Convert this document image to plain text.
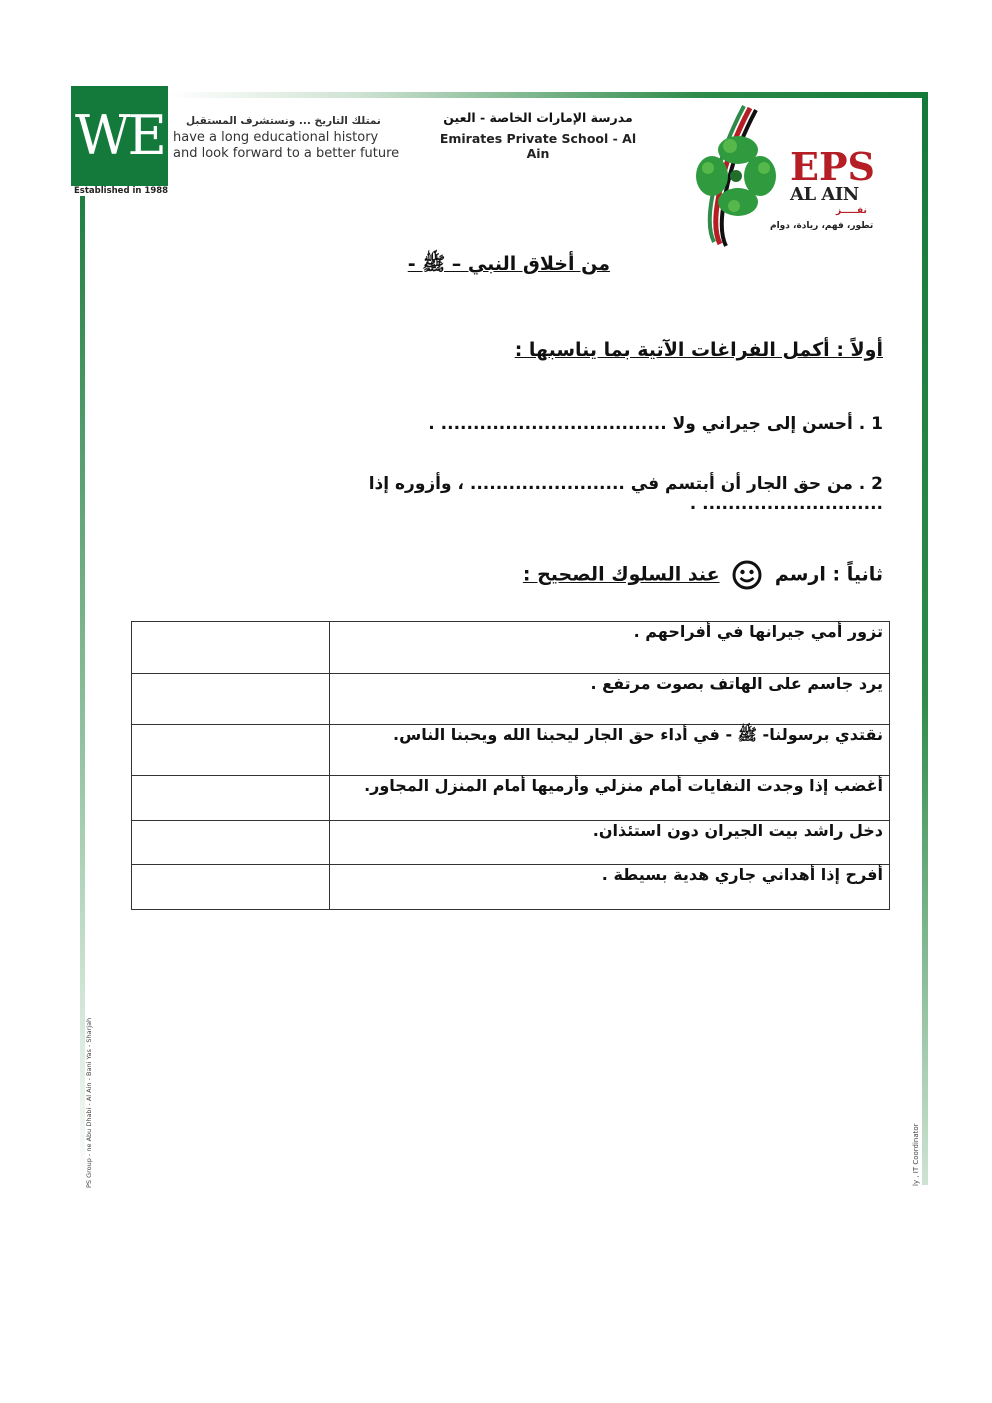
WE
Established in 1988
نمتلك التاريخ ... ونستشرف المستقبل
have a long educational history and look forward to a better future
مدرسة الإمارات الخاصة - العين
Emirates Private School - Al Ain	EPS
AL AIN
نفـــــز
تطور، فهم، ريادة، دوام
من أخلاق النبي – ﷺ -
أولاً : أكمل الفراغات الآتية بما يناسبها :
1 . أحسن إلى جيراني ولا ................................... .
2 . من حق الجار أن أبتسم في ........................ ، وأزوره إذا ............................ .
ثانياً : ارسم  عند السلوك الصحيح :
	تزور أمي جيرانها في أفراحهم .
	يرد جاسم على الهاتف بصوت مرتفع .
	نقتدي برسولنا- ﷺ - في أداء حق الجار ليحبنا الله ويحبنا الناس.
	أغضب إذا وجدت النفايات أمام منزلي وأرميها أمام المنزل المجاور.
	دخل راشد بيت الجيران دون استئذان.
	أفرح إذا أهداني جاري هدية بسيطة .
PS Group - ne Abu Dhabi - Al Ain - Bani Yas - Sharjah	ly , IT Coordinator
